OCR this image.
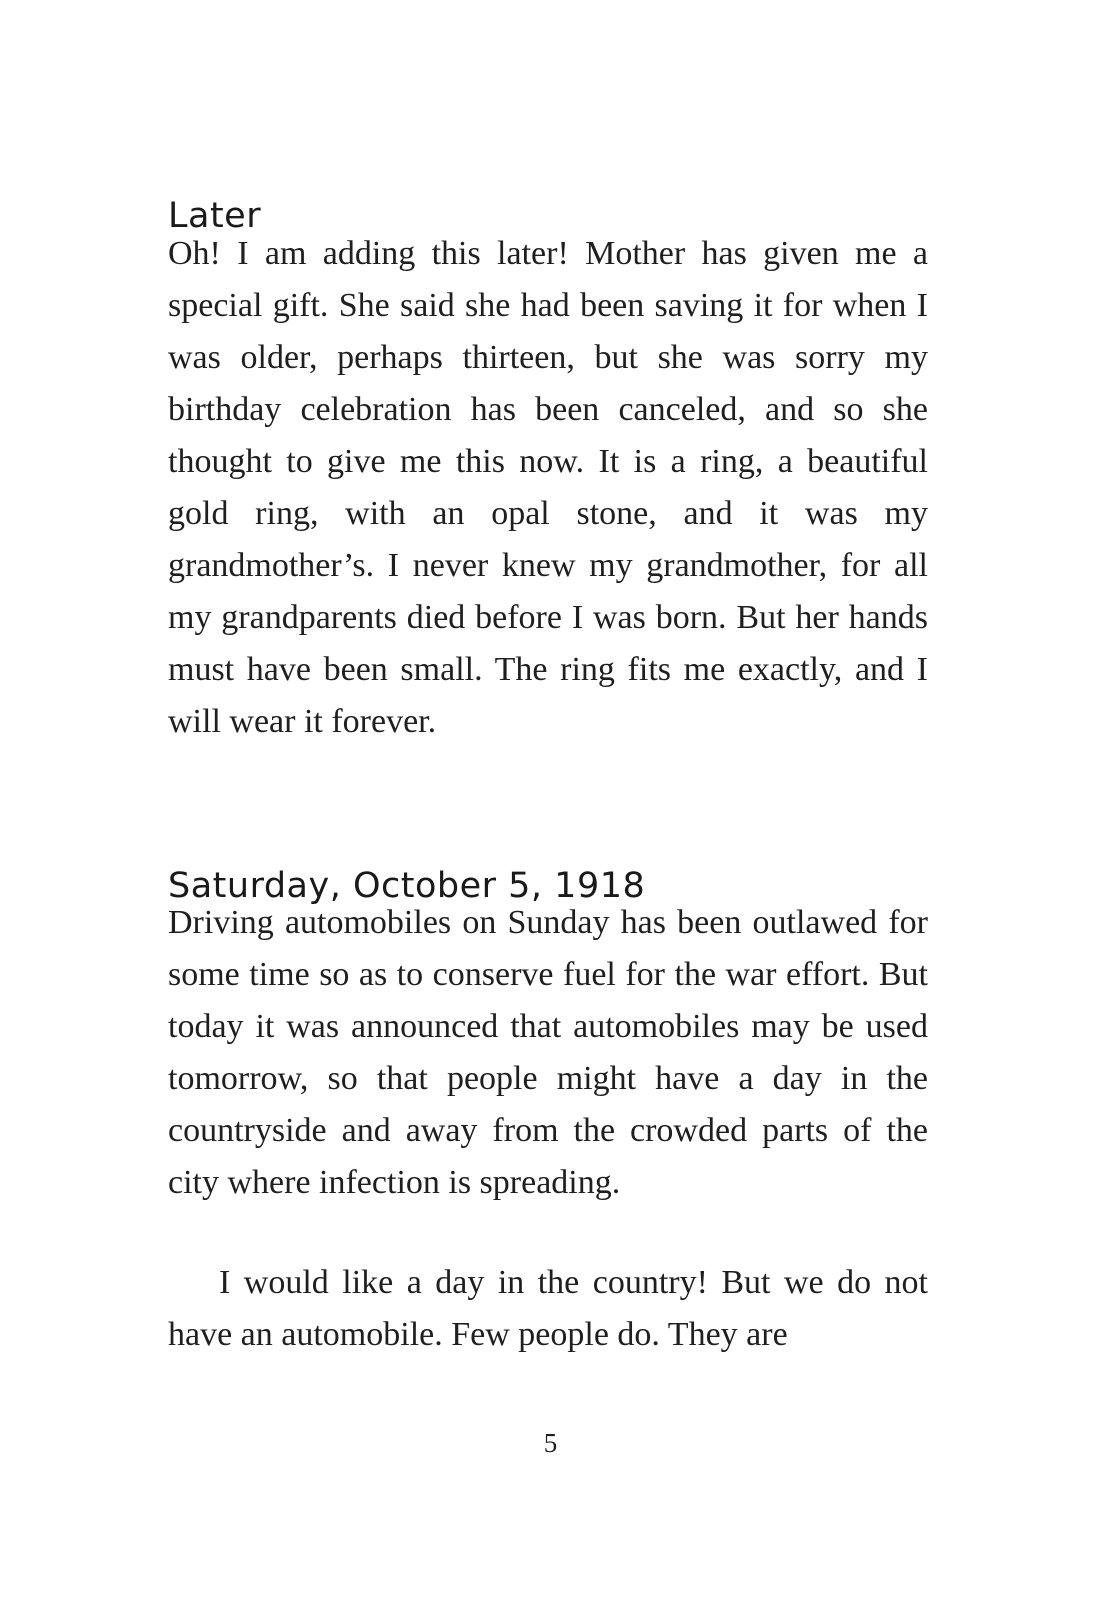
Later

Oh! I am adding this later! Mother has given me a special gift. She said she had been saving it for when I was older, perhaps thirteen, but she was sorry my birthday celebration has been canceled, and so she thought to give me this now. It is a ring, a beautiful gold ring, with an opal stone, and it was my grandmother’s. I never knew my grandmother, for all my grandparents died before I was born. But her hands must have been small. The ring fits me exactly, and I will wear it forever.

Saturday, October 5, 1918

Driving automobiles on Sunday has been outlawed for some time so as to conserve fuel for the war effort. But today it was announced that automobiles may be used tomorrow, so that people might have a day in the countryside and away from the crowded parts of the city where infection is spreading.

I would like a day in the country! But we do not have an automobile. Few people do. They are

5
